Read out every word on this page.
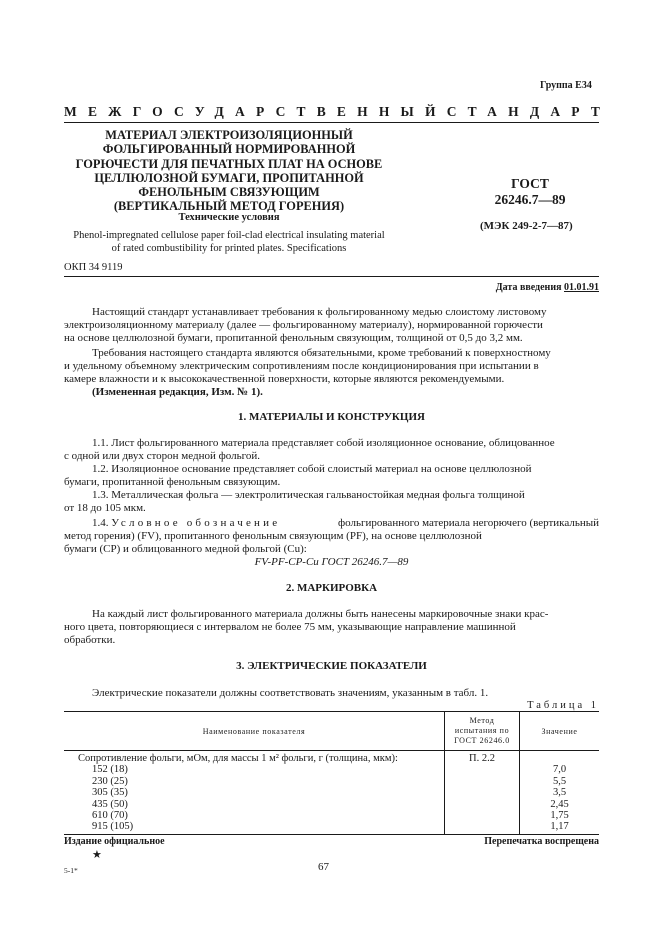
Группа Е34
МЕЖГОСУДАРСТВЕННЫЙ СТАНДАРТ
МАТЕРИАЛ ЭЛЕКТРОИЗОЛЯЦИОННЫЙ
ФОЛЬГИРОВАННЫЙ НОРМИРОВАННОЙ
ГОРЮЧЕСТИ ДЛЯ ПЕЧАТНЫХ ПЛАТ НА ОСНОВЕ
ЦЕЛЛЮЛОЗНОЙ БУМАГИ, ПРОПИТАННОЙ
ФЕНОЛЬНЫМ СВЯЗУЮЩИМ
(ВЕРТИКАЛЬНЫЙ МЕТОД ГОРЕНИЯ)
Технические условия
Phenol-impregnated cellulose paper foil-clad electrical insulating material
of rated combustibility for printed plates. Specifications
ГОСТ
26246.7—89
(МЭК 249-2-7—87)
ОКП 34 9119
Дата введения 01.01.91
Настоящий стандарт устанавливает требования к фольгированному медью слоистому листовому
электроизоляционному материалу (далее — фольгированному материалу), нормированной горючести
на основе целлюлозной бумаги, пропитанной фенольным связующим, толщиной от 0,5 до 3,2 мм.
Требования настоящего стандарта являются обязательными, кроме требований к поверхностному
и удельному объемному электрическим сопротивлениям после кондиционирования при испытании в
камере влажности и к высококачественной поверхности, которые являются рекомендуемыми.
(Измененная редакция, Изм. № 1).
1. МАТЕРИАЛЫ И КОНСТРУКЦИЯ
1.1. Лист фольгированного материала представляет собой изоляционное основание, облицованное
с одной или двух сторон медной фольгой.
1.2. Изоляционное основание представляет собой слоистый материал на основе целлюлозной
бумаги, пропитанной фенольным связующим.
1.3. Металлическая фольга — электролитическая гальваностойкая медная фольга толщиной
от 18 до 105 мкм.
1.4. Условное обозначение	фольгированного материала негорючего (вертикальный
метод горения) (FV), пропитанного фенольным связующим (PF), на основе целлюлозной
бумаги (CP) и облицованного медной фольгой (Cu):
FV-PF-CP-Cu ГОСТ 26246.7—89
2. МАРКИРОВКА
На каждый лист фольгированного материала должны быть нанесены маркировочные знаки крас-
ного цвета, повторяющиеся с интервалом не более 75 мм, указывающие направление машинной
обработки.
3. ЭЛЕКТРИЧЕСКИЕ ПОКАЗАТЕЛИ
Электрические показатели должны соответствовать значениям, указанным в табл. 1.
Таблица 1
Наименование показателя	Метод
испытания по
ГОСТ 26246.0	Значение
Сопротивление фольги, мОм, для массы 1 м² фольги, г (толщина, мкм):	П. 2.2	
152 (18)		7,0
230 (25)		5,5
305 (35)		3,5
435 (50)		2,45
610 (70)		1,75
915 (105)		1,17
Издание официальное	Перепечатка воспрещена
★
5-1*	67
